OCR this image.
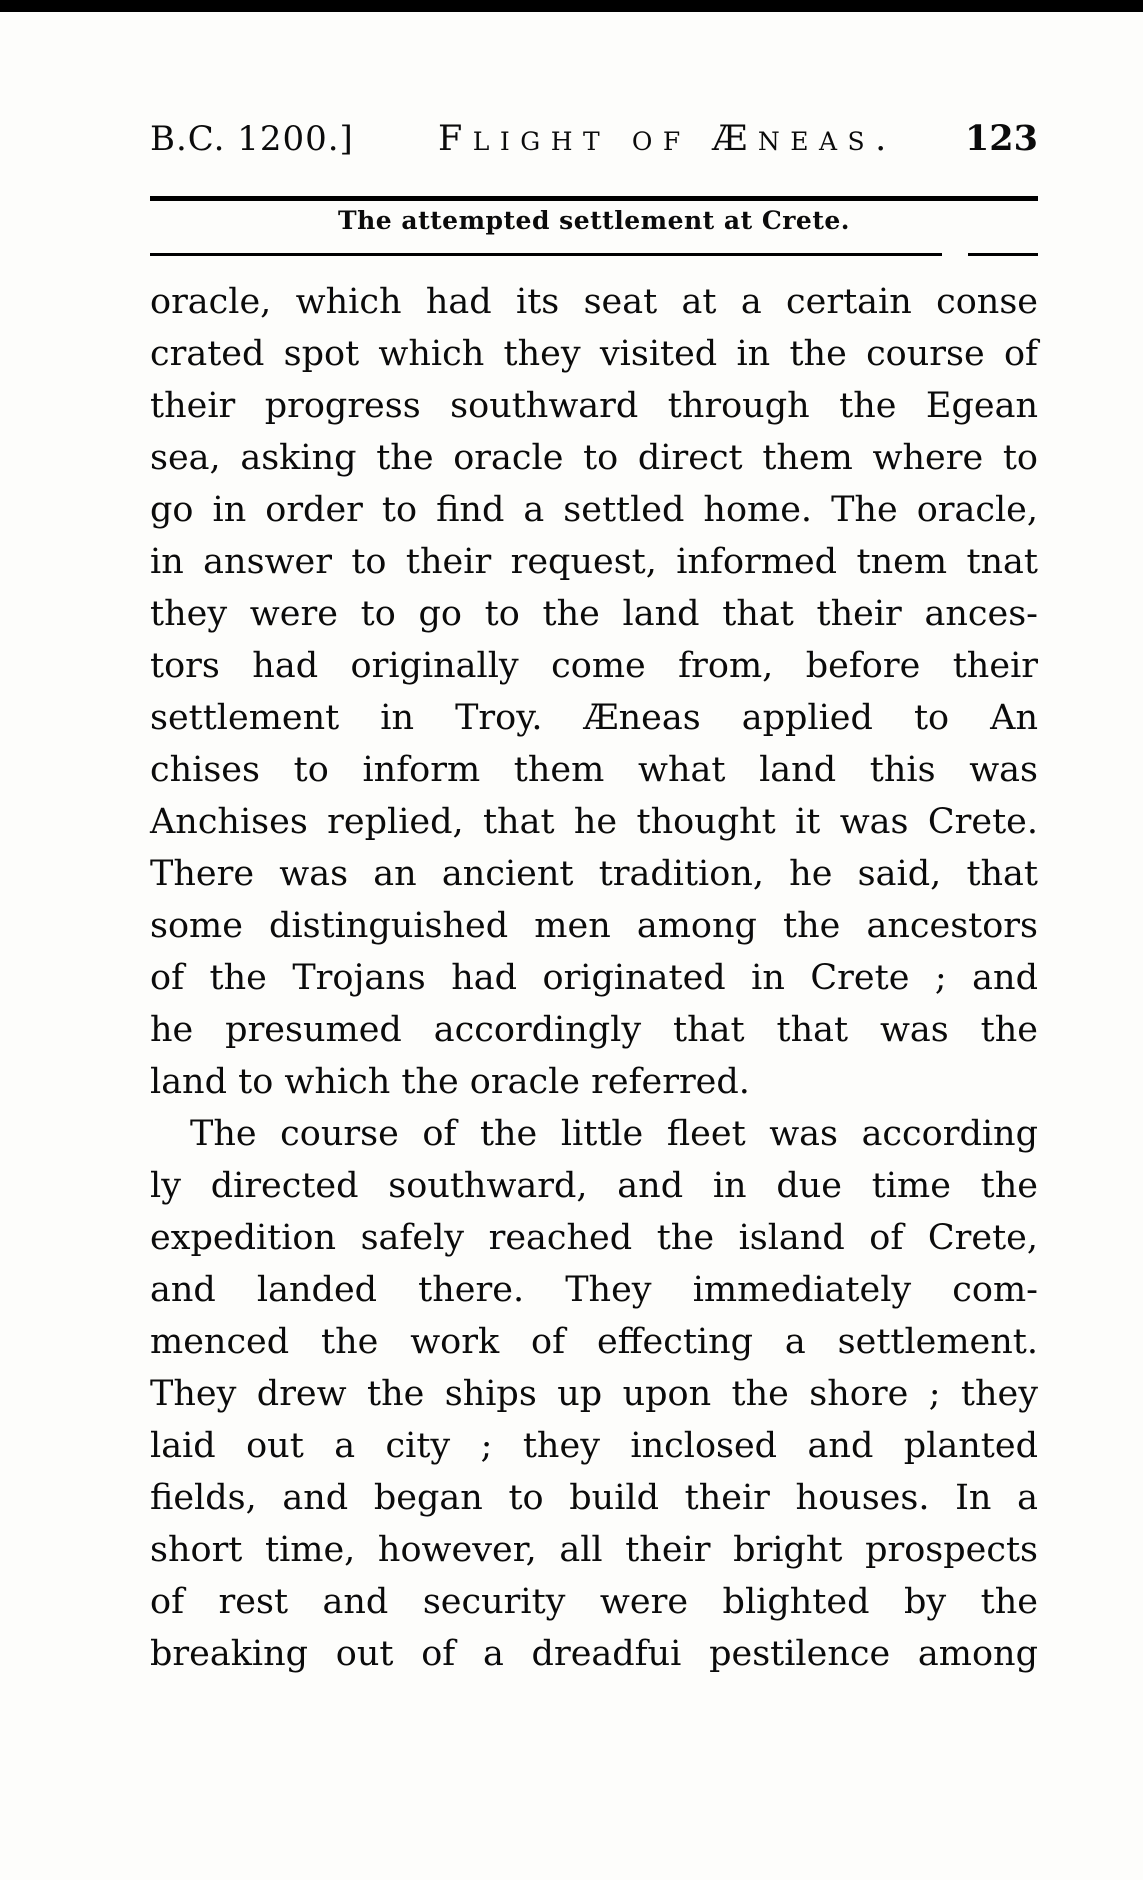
B.C. 1200.] Flight of Æneas. 123
The attempted settlement at Crete.
oracle, which had its seat at a certain conse
crated spot which they visited in the course of
their progress southward through the Egean
sea, asking the oracle to direct them where to
go in order to find a settled home. The oracle,
in answer to their request, informed tnem tnat
they were to go to the land that their ances-
tors had originally come from, before their
settlement in Troy. Æneas applied to An
chises to inform them what land this was
Anchises replied, that he thought it was Crete.
There was an ancient tradition, he said, that
some distinguished men among the ancestors
of the Trojans had originated in Crete ; and
he presumed accordingly that that was the
land to which the oracle referred.
The course of the little fleet was according
ly directed southward, and in due time the
expedition safely reached the island of Crete,
and landed there. They immediately com-
menced the work of effecting a settlement.
They drew the ships up upon the shore ; they
laid out a city ; they inclosed and planted
fields, and began to build their houses. In a
short time, however, all their bright prospects
of rest and security were blighted by the
breaking out of a dreadfui pestilence among
